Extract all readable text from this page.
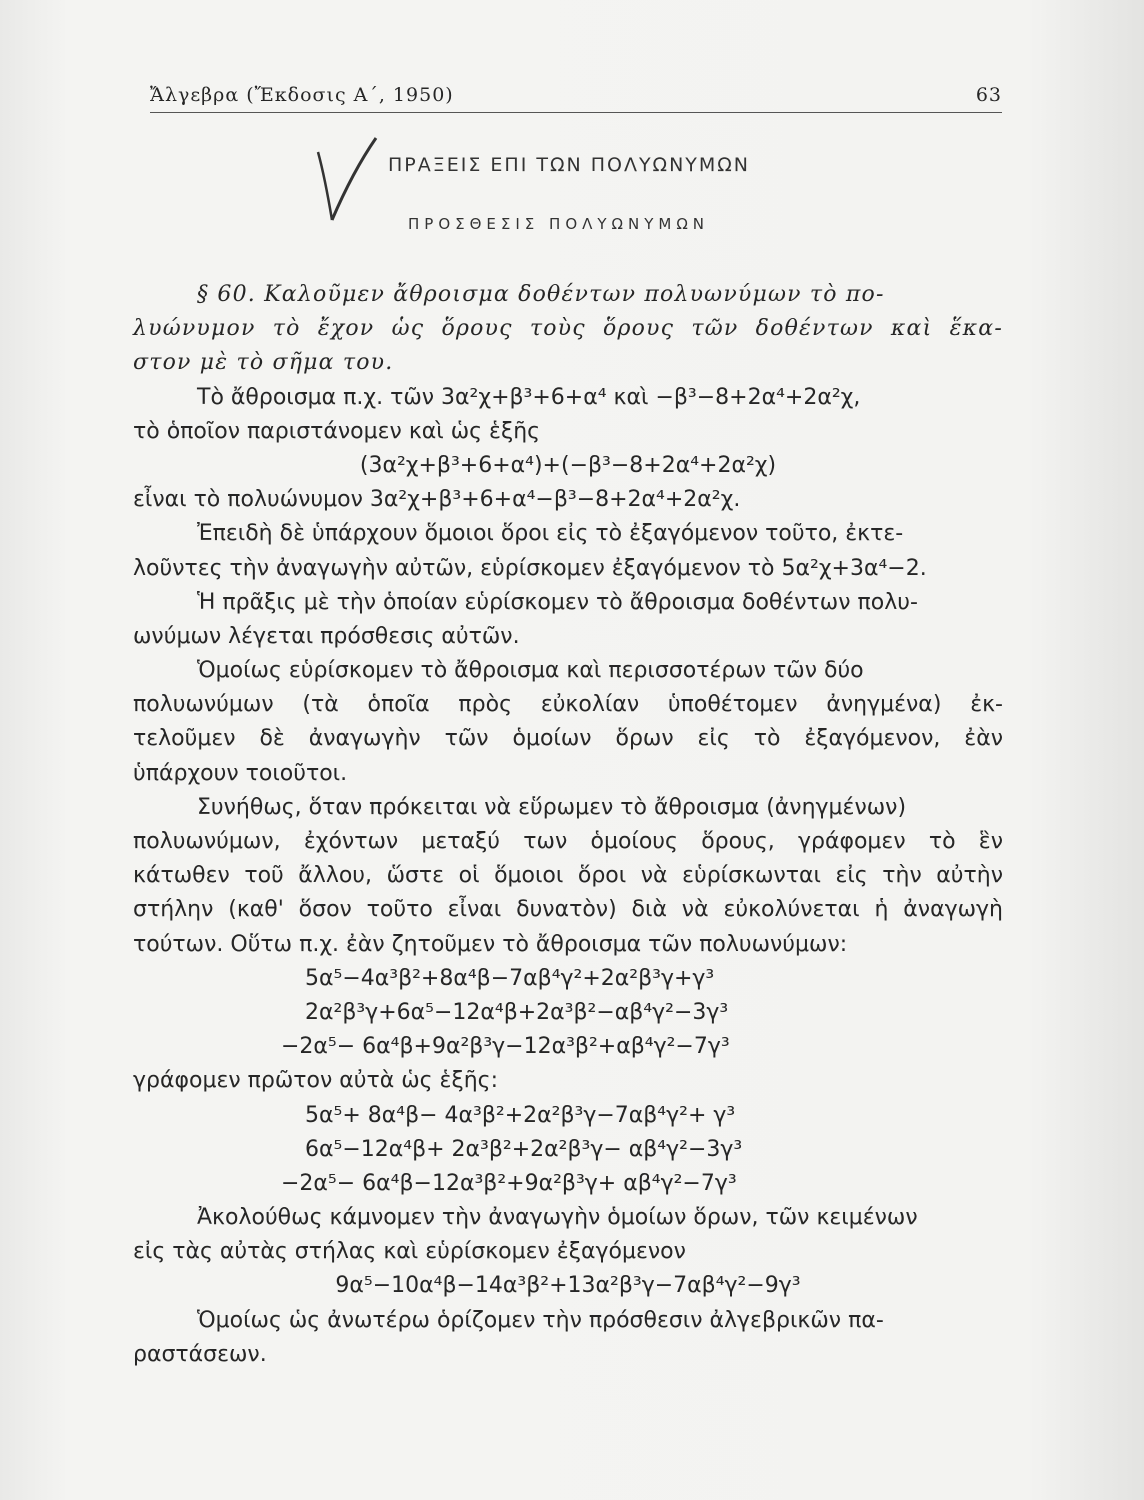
Ἄλγεβρα (Ἔκδοσις Α΄, 1950)	63
ΠΡΑΞΕΙΣ ΕΠΙ ΤΩΝ ΠΟΛΥΩΝΥΜΩΝ
ΠΡΟΣΘΕΣΙΣ ΠΟΛΥΩΝΥΜΩΝ
§ 60. Καλοῦμεν ἄθροισμα δοθέντων πολυωνύμων τὸ πο-
λυώνυμον τὸ ἔχον ὡς ὅρους τοὺς ὅρους τῶν δοθέντων καὶ ἕκα-
στον μὲ τὸ σῆμα του.
Τὸ ἄθροισμα π.χ. τῶν 3α²χ+β³+6+α⁴ καὶ −β³−8+2α⁴+2α²χ,
τὸ ὁποῖον παριστάνομεν καὶ ὡς ἑξῆς
(3α²χ+β³+6+α⁴)+(−β³−8+2α⁴+2α²χ)
εἶναι τὸ πολυώνυμον 3α²χ+β³+6+α⁴−β³−8+2α⁴+2α²χ.
Ἐπειδὴ δὲ ὑπάρχουν ὅμοιοι ὅροι εἰς τὸ ἐξαγόμενον τοῦτο, ἐκτε-
λοῦντες τὴν ἀναγωγὴν αὐτῶν, εὑρίσκομεν ἐξαγόμενον τὸ 5α²χ+3α⁴−2.
Ἡ πρᾶξις μὲ τὴν ὁποίαν εὑρίσκομεν τὸ ἄθροισμα δοθέντων πολυ-
ωνύμων λέγεται πρόσθεσις αὐτῶν.
Ὁμοίως εὑρίσκομεν τὸ ἄθροισμα καὶ περισσοτέρων τῶν δύο
πολυωνύμων (τὰ ὁποῖα πρὸς εὐκολίαν ὑποθέτομεν ἀνηγμένα) ἐκ-
τελοῦμεν δὲ ἀναγωγὴν τῶν ὁμοίων ὅρων εἰς τὸ ἐξαγόμενον, ἐὰν
ὑπάρχουν τοιοῦτοι.
Συνήθως, ὅταν πρόκειται νὰ εὕρωμεν τὸ ἄθροισμα (ἀνηγμένων)
πολυωνύμων, ἐχόντων μεταξύ των ὁμοίους ὅρους, γράφομεν τὸ ἓν
κάτωθεν τοῦ ἄλλου, ὥστε οἱ ὅμοιοι ὅροι νὰ εὑρίσκωνται εἰς τὴν αὐτὴν
στήλην (καθ' ὅσον τοῦτο εἶναι δυνατὸν) διὰ νὰ εὐκολύνεται ἡ ἀναγωγὴ
τούτων. Οὕτω π.χ. ἐὰν ζητοῦμεν τὸ ἄθροισμα τῶν πολυωνύμων:
5α⁵−4α³β²+8α⁴β−7αβ⁴γ²+2α²β³γ+γ³
2α²β³γ+6α⁵−12α⁴β+2α³β²−αβ⁴γ²−3γ³
−2α⁵− 6α⁴β+9α²β³γ−12α³β²+αβ⁴γ²−7γ³
γράφομεν πρῶτον αὐτὰ ὡς ἑξῆς:
5α⁵+ 8α⁴β− 4α³β²+2α²β³γ−7αβ⁴γ²+ γ³
6α⁵−12α⁴β+ 2α³β²+2α²β³γ− αβ⁴γ²−3γ³
−2α⁵− 6α⁴β−12α³β²+9α²β³γ+ αβ⁴γ²−7γ³
Ἀκολούθως κάμνομεν τὴν ἀναγωγὴν ὁμοίων ὅρων, τῶν κειμένων
εἰς τὰς αὐτὰς στήλας καὶ εὑρίσκομεν ἐξαγόμενον
9α⁵−10α⁴β−14α³β²+13α²β³γ−7αβ⁴γ²−9γ³
Ὁμοίως ὡς ἀνωτέρω ὁρίζομεν τὴν πρόσθεσιν ἀλγεβρικῶν πα-
ραστάσεων.
